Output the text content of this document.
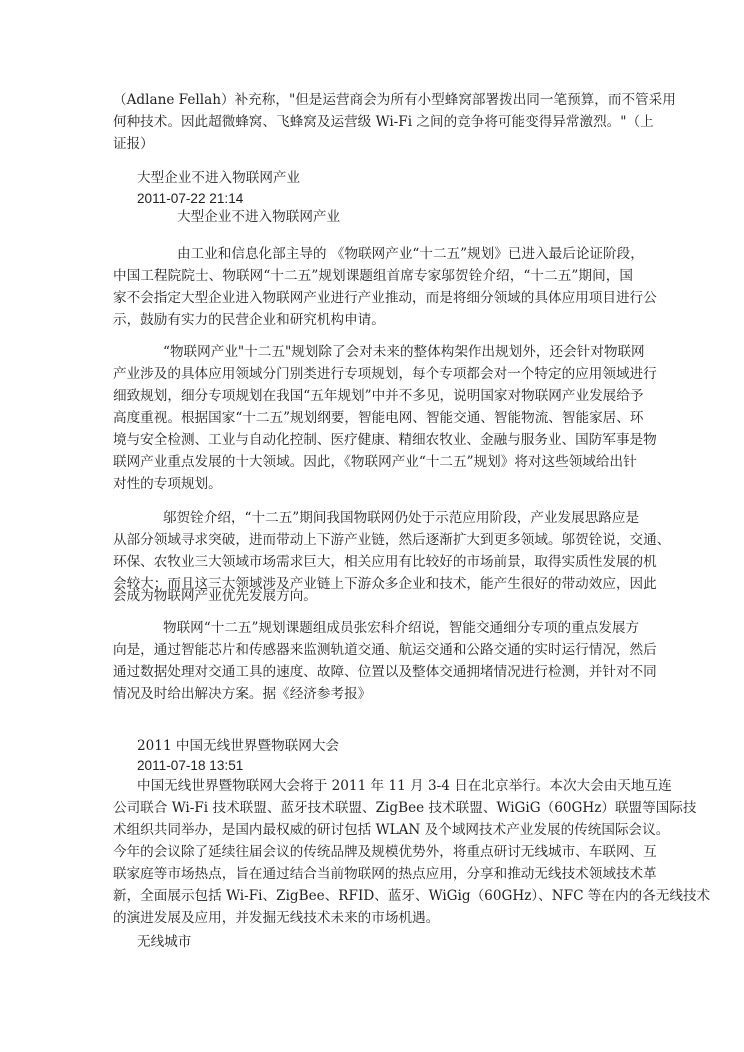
（Adlane Fellah）补充称，"但是运营商会为所有小型蜂窝部署拨出同一笔预算，而不管采用
何种技术。因此超微蜂窝、飞蜂窝及运营级 Wi-Fi 之间的竞争将可能变得异常激烈。"（上
证报）
大型企业不进入物联网产业
2011-07-22 21:14
大型企业不进入物联网产业
由工业和信息化部主导的 《物联网产业“十二五”规划》已进入最后论证阶段，
中国工程院院士、物联网“十二五”规划课题组首席专家邬贺铨介绍，“十二五”期间，国
家不会指定大型企业进入物联网产业进行产业推动，而是将细分领域的具体应用项目进行公
示，鼓励有实力的民营企业和研究机构申请。
“物联网产业"十二五"规划除了会对未来的整体构架作出规划外，还会针对物联网
产业涉及的具体应用领域分门别类进行专项规划，每个专项都会对一个特定的应用领域进行
细致规划，细分专项规划在我国“五年规划”中并不多见，说明国家对物联网产业发展给予
高度重视。根据国家“十二五”规划纲要，智能电网、智能交通、智能物流、智能家居、环
境与安全检测、工业与自动化控制、医疗健康、精细农牧业、金融与服务业、国防军事是物
联网产业重点发展的十大领域。因此，《物联网产业“十二五”规划》将对这些领域给出针
对性的专项规划。
邬贺铨介绍，“十二五”期间我国物联网仍处于示范应用阶段，产业发展思路应是
从部分领域寻求突破，进而带动上下游产业链，然后逐渐扩大到更多领域。邬贺铨说，交通、
环保、农牧业三大领域市场需求巨大，相关应用有比较好的市场前景，取得实质性发展的机
会较大；而且这三大领域涉及产业链上下游众多企业和技术，能产生很好的带动效应，因此
会成为物联网产业优先发展方向。
物联网“十二五”规划课题组成员张宏科介绍说，智能交通细分专项的重点发展方
向是，通过智能芯片和传感器来监测轨道交通、航运交通和公路交通的实时运行情况，然后
通过数据处理对交通工具的速度、故障、位置以及整体交通拥堵情况进行检测，并针对不同
情况及时给出解决方案。据《经济参考报》
2011 中国无线世界暨物联网大会
2011-07-18 13:51
中国无线世界暨物联网大会将于 2011 年 11 月 3-4 日在北京举行。本次大会由天地互连
公司联合 Wi-Fi 技术联盟、蓝牙技术联盟、ZigBee 技术联盟、WiGiG（60GHz）联盟等国际技
术组织共同举办，是国内最权威的研讨包括 WLAN 及个域网技术产业发展的传统国际会议。
今年的会议除了延续往届会议的传统品牌及规模优势外，将重点研讨无线城市、车联网、互
联家庭等市场热点，旨在通过结合当前物联网的热点应用，分享和推动无线技术领域技术革
新，全面展示包括 Wi-Fi、ZigBee、RFID、蓝牙、WiGig（60GHz）、NFC 等在内的各无线技术
的演进发展及应用，并发掘无线技术未来的市场机遇。
无线城市
